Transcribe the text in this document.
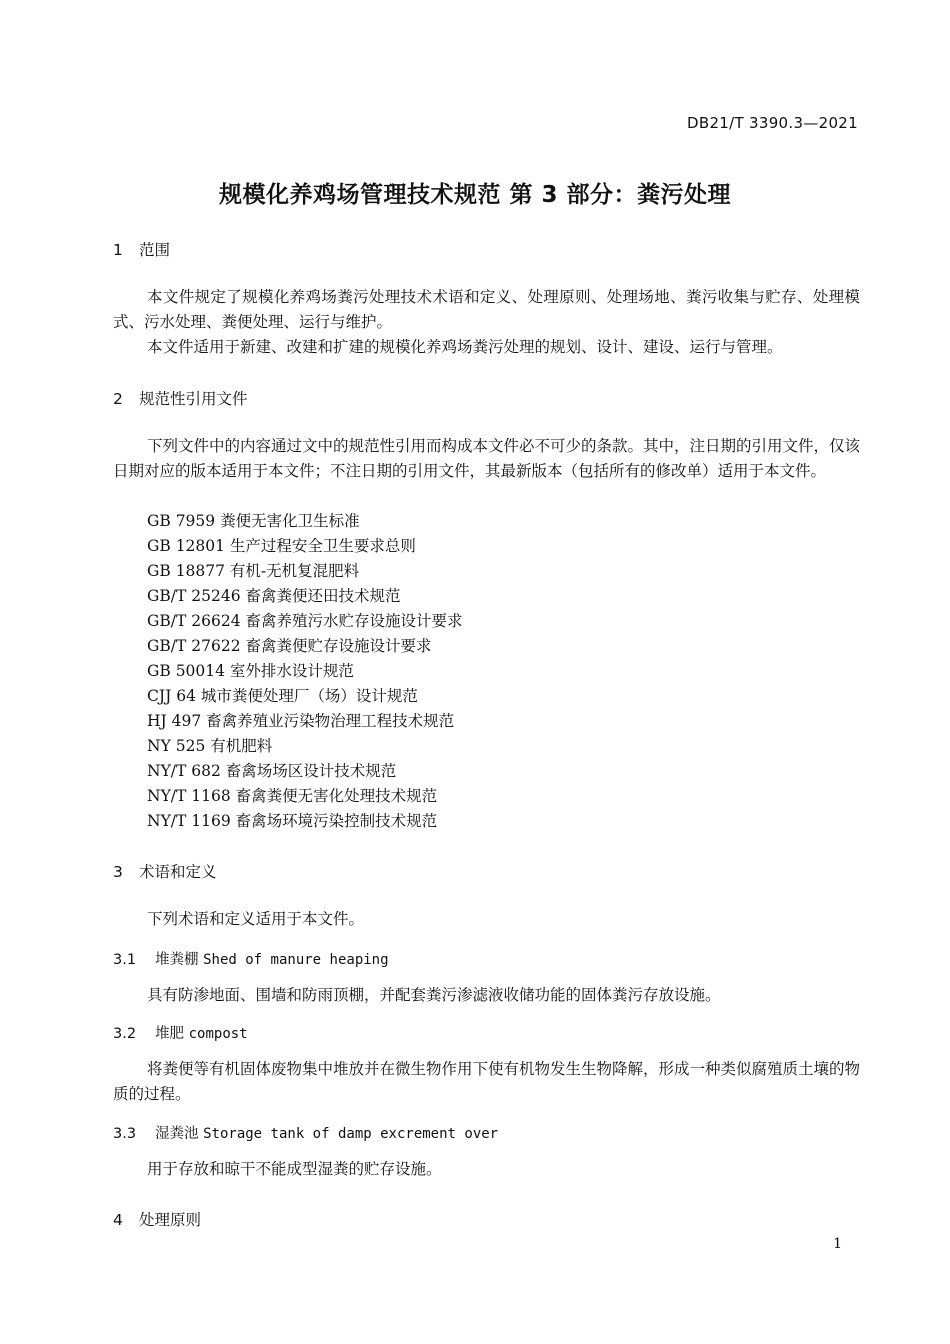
DB21/T 3390.3—2021
规模化养鸡场管理技术规范 第 3 部分：粪污处理
1 范围
本文件规定了规模化养鸡场粪污处理技术术语和定义、处理原则、处理场地、粪污收集与贮存、处理模式、污水处理、粪便处理、运行与维护。
本文件适用于新建、改建和扩建的规模化养鸡场粪污处理的规划、设计、建设、运行与管理。
2 规范性引用文件
下列文件中的内容通过文中的规范性引用而构成本文件必不可少的条款。其中，注日期的引用文件，仅该日期对应的版本适用于本文件；不注日期的引用文件，其最新版本（包括所有的修改单）适用于本文件。
GB 7959 粪便无害化卫生标准
GB 12801 生产过程安全卫生要求总则
GB 18877 有机-无机复混肥料
GB/T 25246 畜禽粪便还田技术规范
GB/T 26624 畜禽养殖污水贮存设施设计要求
GB/T 27622 畜禽粪便贮存设施设计要求
GB 50014 室外排水设计规范
CJJ 64 城市粪便处理厂（场）设计规范
HJ 497 畜禽养殖业污染物治理工程技术规范
NY 525 有机肥料
NY/T 682 畜禽场场区设计技术规范
NY/T 1168 畜禽粪便无害化处理技术规范
NY/T 1169 畜禽场环境污染控制技术规范
3 术语和定义
下列术语和定义适用于本文件。
3.1 堆粪棚 Shed of manure heaping
具有防渗地面、围墙和防雨顶棚，并配套粪污渗滤液收储功能的固体粪污存放设施。
3.2 堆肥 compost
将粪便等有机固体废物集中堆放并在微生物作用下使有机物发生生物降解，形成一种类似腐殖质土壤的物质的过程。
3.3 湿粪池 Storage tank of damp excrement over
用于存放和晾干不能成型湿粪的贮存设施。
4 处理原则
1
